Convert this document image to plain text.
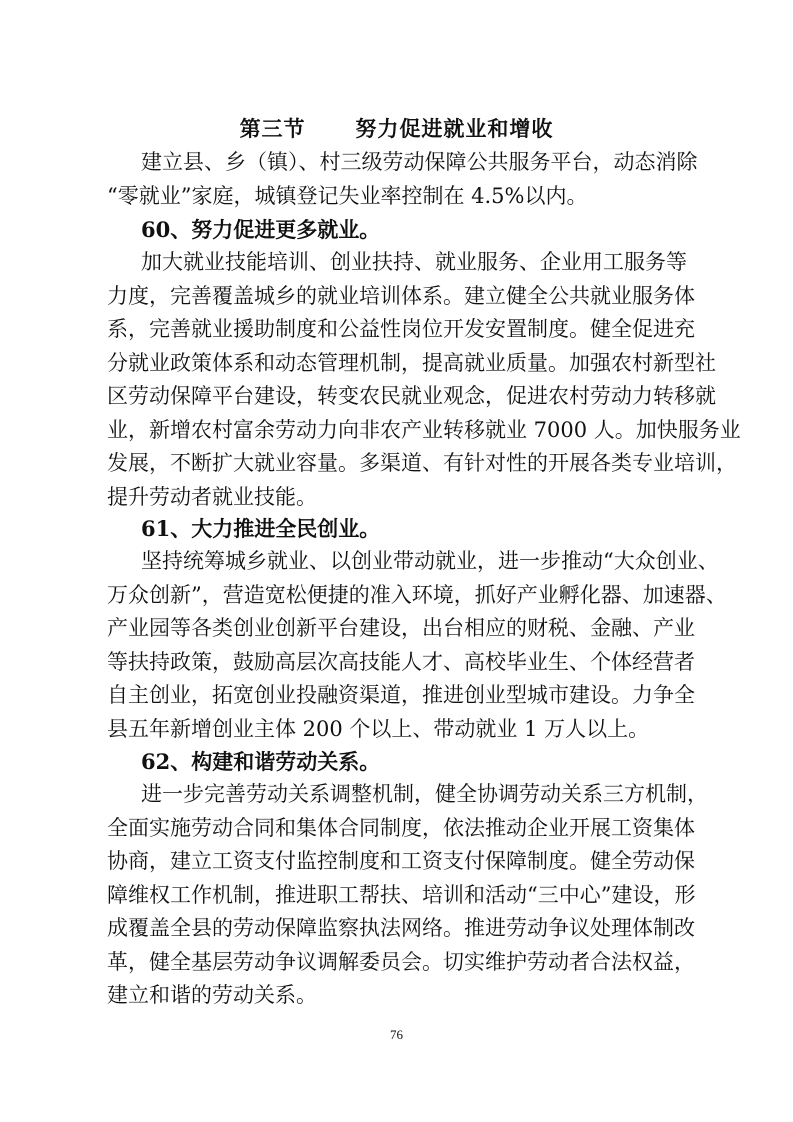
第三节      努力促进就业和增收
建立县、乡（镇）、村三级劳动保障公共服务平台，动态消除
“零就业”家庭，城镇登记失业率控制在 4.5%以内。
60、努力促进更多就业。
加大就业技能培训、创业扶持、就业服务、企业用工服务等
力度，完善覆盖城乡的就业培训体系。建立健全公共就业服务体
系，完善就业援助制度和公益性岗位开发安置制度。健全促进充
分就业政策体系和动态管理机制，提高就业质量。加强农村新型社
区劳动保障平台建设，转变农民就业观念，促进农村劳动力转移就
业，新增农村富余劳动力向非农产业转移就业 7000 人。加快服务业
发展，不断扩大就业容量。多渠道、有针对性的开展各类专业培训，
提升劳动者就业技能。
61、大力推进全民创业。
坚持统筹城乡就业、以创业带动就业，进一步推动“大众创业、
万众创新”，营造宽松便捷的准入环境，抓好产业孵化器、加速器、
产业园等各类创业创新平台建设，出台相应的财税、金融、产业
等扶持政策，鼓励高层次高技能人才、高校毕业生、个体经营者
自主创业，拓宽创业投融资渠道，推进创业型城市建设。力争全
县五年新增创业主体 200 个以上、带动就业 1 万人以上。
62、构建和谐劳动关系。
进一步完善劳动关系调整机制，健全协调劳动关系三方机制，
全面实施劳动合同和集体合同制度，依法推动企业开展工资集体
协商，建立工资支付监控制度和工资支付保障制度。健全劳动保
障维权工作机制，推进职工帮扶、培训和活动“三中心”建设，形
成覆盖全县的劳动保障监察执法网络。推进劳动争议处理体制改
革，健全基层劳动争议调解委员会。切实维护劳动者合法权益，
建立和谐的劳动关系。
76
